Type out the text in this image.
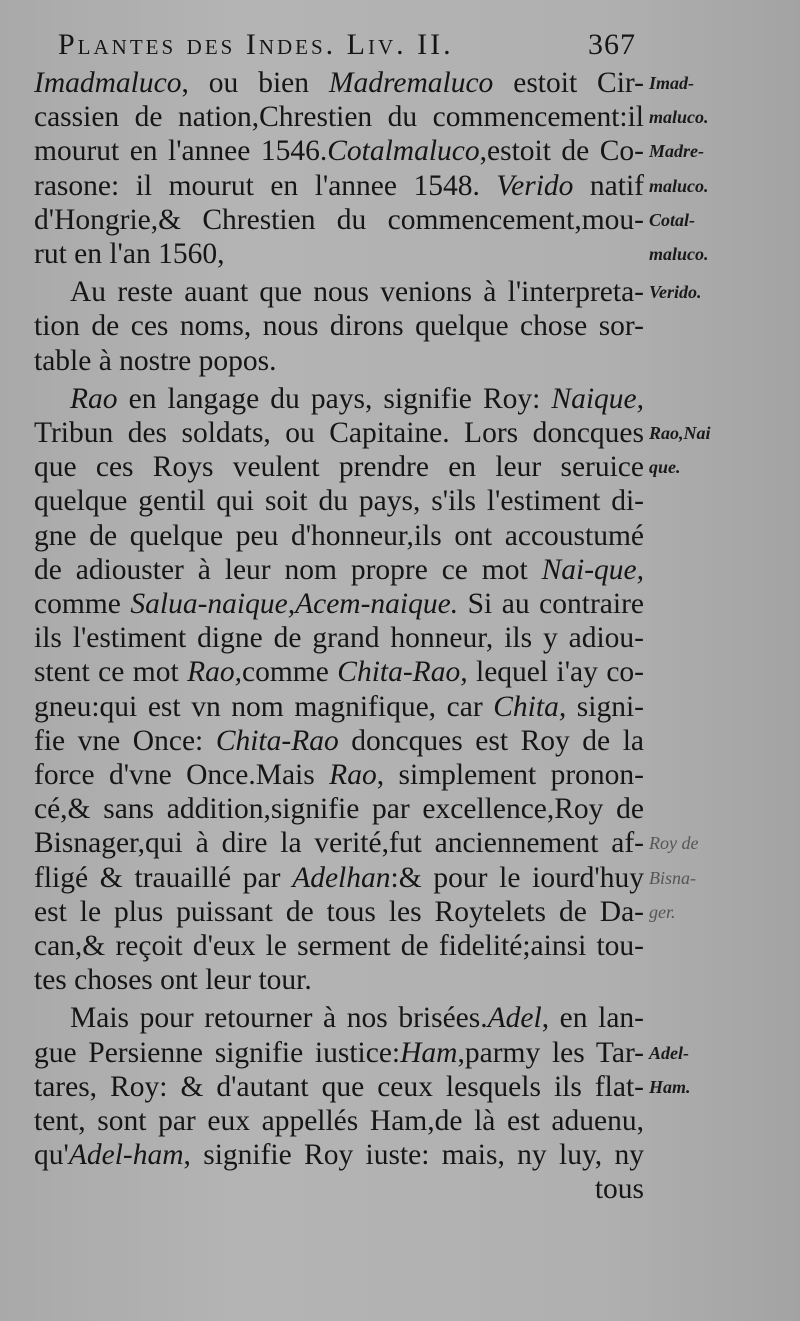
Plantes des Indes. Liv. II.	367
Imadmaluco, ou bien Madremaluco estoit Cir-
cassien de nation,Chrestien du commencement:il
mourut en l'annee 1546.Cotalmaluco,estoit de Co-
rasone: il mourut en l'annee 1548. Verido natif
d'Hongrie,& Chrestien du commencement,mou-
rut en l'an 1560,
Au reste auant que nous venions à l'interpreta-
tion de ces noms, nous dirons quelque chose sor-
table à nostre popos.
Rao en langage du pays, signifie Roy: Naique,
Tribun des soldats, ou Capitaine. Lors doncques
que ces Roys veulent prendre en leur seruice
quelque gentil qui soit du pays, s'ils l'estiment di-
gne de quelque peu d'honneur,ils ont accoustumé
de adiouster à leur nom propre ce mot Nai-que,
comme Salua-naique,Acem-naique. Si au contraire
ils l'estiment digne de grand honneur, ils y adiou-
stent ce mot Rao,comme Chita-Rao, lequel i'ay co-
gneu:qui est vn nom magnifique, car Chita, signi-
fie vne Once: Chita-Rao doncques est Roy de la
force d'vne Once.Mais Rao, simplement pronon-
cé,& sans addition,signifie par excellence,Roy de
Bisnager,qui à dire la verité,fut anciennement af-
fligé & trauaillé par Adelhan:& pour le iourd'huy
est le plus puissant de tous les Roytelets de Da-
can,& reçoit d'eux le serment de fidelité;ainsi tou-
tes choses ont leur tour.
Mais pour retourner à nos brisées.Adel, en lan-
gue Persienne signifie iustice:Ham,parmy les Tar-
tares, Roy: & d'autant que ceux lesquels ils flat-
tent, sont par eux appellés Ham,de là est aduenu,
qu'Adel-ham, signifie Roy iuste: mais, ny luy, ny
tous
Imad-
maluco.
Madre-
maluco.
Cotal-
maluco.
Verido.
Rao,Nai
que.
Roy de
Bisna-
ger.
Adel-
Ham.
